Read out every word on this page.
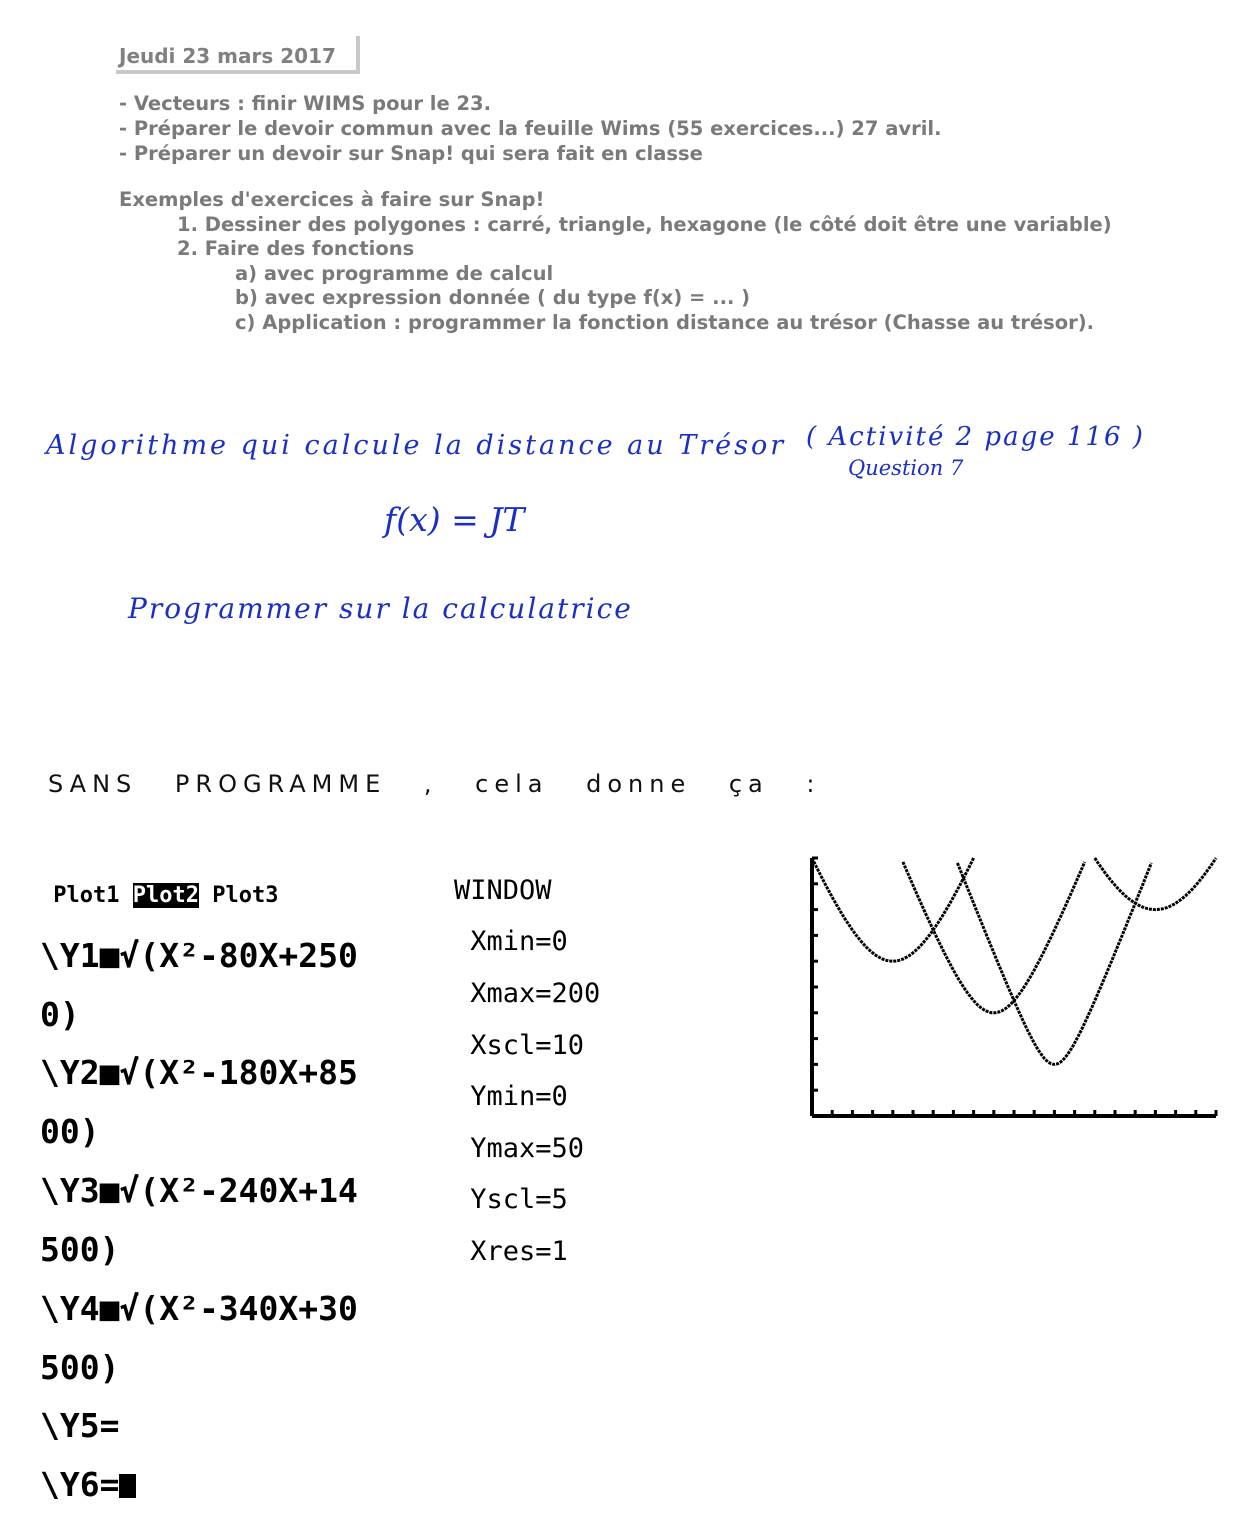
Jeudi 23 mars 2017
- Vecteurs : finir WIMS pour le 23.
- Préparer le devoir commun avec la feuille Wims (55 exercices...) 27 avril.
- Préparer un devoir sur Snap! qui sera fait en classe
Exemples d'exercices à faire sur Snap!
1. Dessiner des polygones : carré, triangle, hexagone (le côté doit être une variable)
2. Faire des fonctions
a) avec programme de calcul
b) avec expression donnée ( du type f(x) = ... )
c) Application : programmer la fonction distance au trésor (Chasse au trésor).
Algorithme qui calcule la distance au Trésor ( Activité 2 page 116 )
Question 7
f(x) = JT
Programmer sur la calculatrice
SANS PROGRAMME , cela donne ça :

Plot1 Plot2 Plot3

\Y1■√(X²-80X+250

0)

\Y2■√(X²-180X+85

00)

\Y3■√(X²-240X+14

500)

\Y4■√(X²-340X+30

500)

\Y5=

\Y6=

WINDOW

Xmin=0

Xmax=200

Xscl=10

Ymin=0

Ymax=50

Yscl=5

Xres=1
